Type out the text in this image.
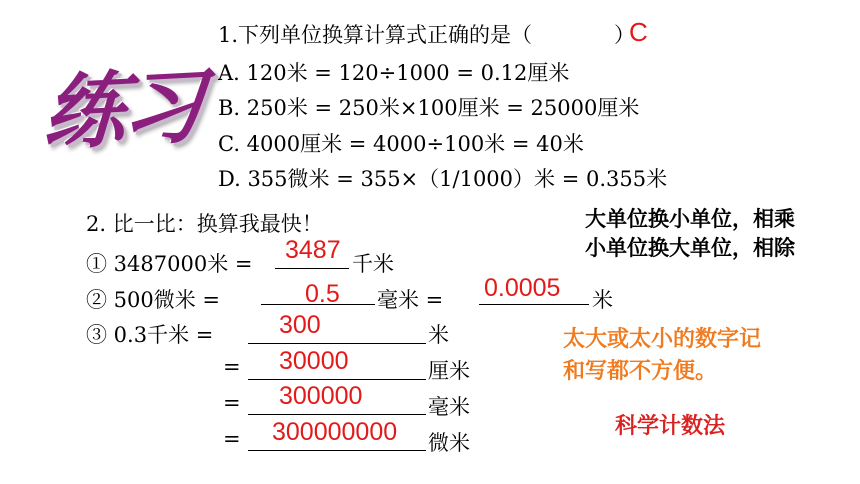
练习
1.下列单位换算计算式正确的是（	）
C
A. 120米 = 120÷1000 = 0.12厘米
B. 250米 = 250米×100厘米 = 25000厘米
C. 4000厘米 = 4000÷100米 = 40米
D. 355微米 = 355×（1/1000）米 = 0.355米
2. 比一比：换算我最快！
① 3487000米 = 3487 千米
② 500微米 =	0.5 毫米 = 0.0005 米
③ 0.3千米 =	300	米
= 30000	厘米
= 300000	毫米
= 300000000 微米
大单位换小单位，相乘
小单位换大单位，相除
太大或太小的数字记
和写都不方便。
科学计数法
